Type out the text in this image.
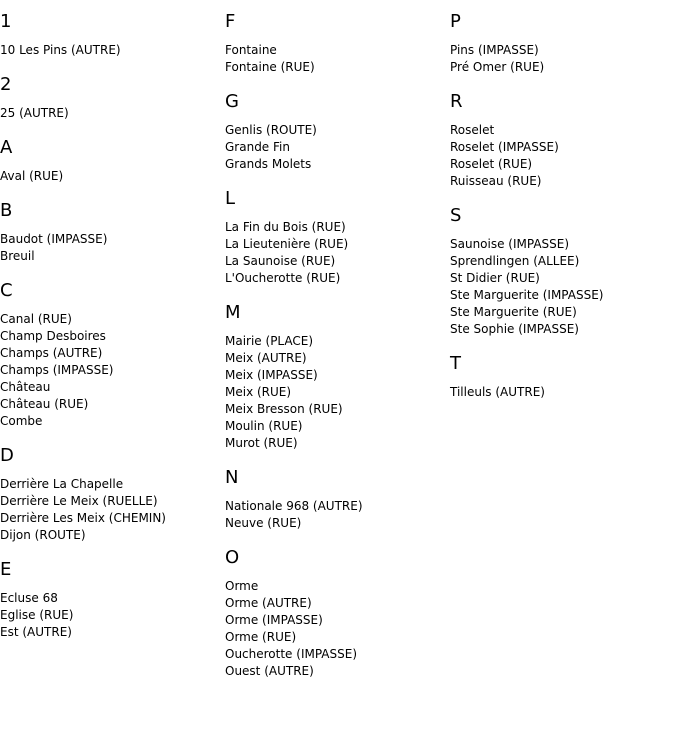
1
10 Les Pins (AUTRE)
2
25 (AUTRE)
A
Aval (RUE)
B
Baudot (IMPASSE)
Breuil
C
Canal (RUE)
Champ Desboires
Champs (AUTRE)
Champs (IMPASSE)
Château
Château (RUE)
Combe
D
Derrière La Chapelle
Derrière Le Meix (RUELLE)
Derrière Les Meix (CHEMIN)
Dijon (ROUTE)
E
Ecluse 68
Eglise (RUE)
Est (AUTRE)
F
Fontaine
Fontaine (RUE)
G
Genlis (ROUTE)
Grande Fin
Grands Molets
L
La Fin du Bois (RUE)
La Lieutenière (RUE)
La Saunoise (RUE)
L'Oucherotte (RUE)
M
Mairie (PLACE)
Meix (AUTRE)
Meix (IMPASSE)
Meix (RUE)
Meix Bresson (RUE)
Moulin (RUE)
Murot (RUE)
N
Nationale 968 (AUTRE)
Neuve (RUE)
O
Orme
Orme (AUTRE)
Orme (IMPASSE)
Orme (RUE)
Oucherotte (IMPASSE)
Ouest (AUTRE)
P
Pins (IMPASSE)
Pré Omer (RUE)
R
Roselet
Roselet (IMPASSE)
Roselet (RUE)
Ruisseau (RUE)
S
Saunoise (IMPASSE)
Sprendlingen (ALLEE)
St Didier (RUE)
Ste Marguerite (IMPASSE)
Ste Marguerite (RUE)
Ste Sophie (IMPASSE)
T
Tilleuls (AUTRE)
